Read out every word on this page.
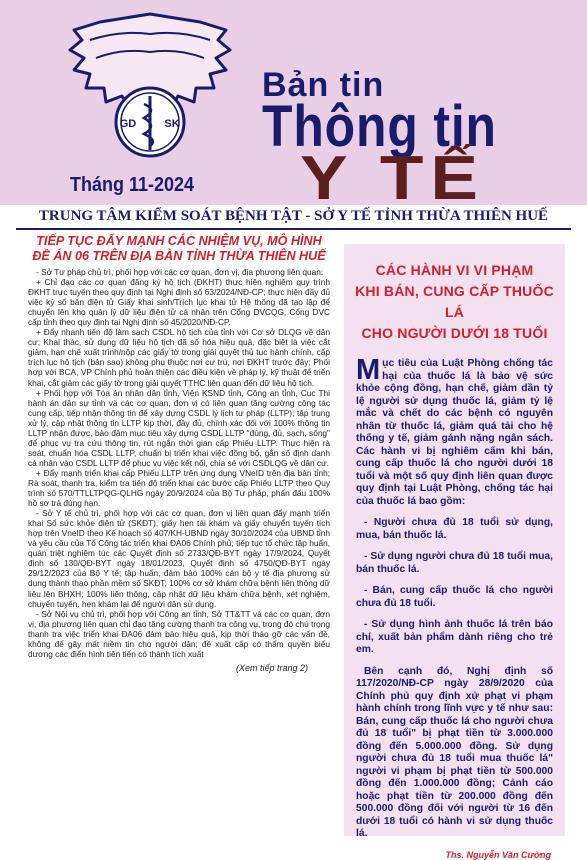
GD	SK
Bản tin
Thông tin
Y TẾ
Tháng 11-2024
TRUNG TÂM KIỂM SOÁT BỆNH TẬT - SỞ Y TẾ TỈNH THỪA THIÊN HUẾ
TIẾP TỤC ĐẨY MẠNH CÁC NHIỆM VỤ, MÔ HÌNH
ĐỀ ÁN 06 TRÊN ĐỊA BÀN TỈNH THỪA THIÊN HUẾ

- Sở Tư pháp chủ trì, phối hợp với các cơ quan, đơn vị, địa phương liên quan:

+ Chỉ đạo các cơ quan đăng ký hộ tịch (ĐKHT) thực hiện nghiêm quy trình ĐKHT trực tuyến theo quy định tại Nghị định số 63/2024/NĐ-CP; thực hiện đầy đủ việc ký số bản điện tử Giấy khai sinh/Trích lục khai tử Hệ thống đã tạo lập để chuyển lên kho quản lý dữ liệu điện tử cá nhân trên Cổng DVCQG, Cổng DVC cấp tỉnh theo quy định tại Nghị định số 45/2020/NĐ-CP.

+ Đẩy nhanh tiến độ làm sạch CSDL hộ tịch của tỉnh với Cơ sở DLQG về dân cư; Khai thác, sử dụng dữ liệu hộ tịch đã số hóa hiệu quả, đặc biệt là việc cắt giảm, hạn chế xuất trình/nộp các giấy tờ trong giải quyết thủ tục hành chính, cấp trích lục hộ tịch (bản sao) không phụ thuộc nơi cư trú, nơi ĐKHT trước đây; Phối hợp với BCA, VP Chính phủ hoàn thiện các điều kiện về pháp lý, kỹ thuật để triển khai, cắt giảm các giấy tờ trong giải quyết TTHC liên quan đến dữ liệu hộ tịch.

+ Phối hợp với Tòa án nhân dân tỉnh, Viện KSND tỉnh, Công an tỉnh, Cục Thi hành án dân sự tỉnh và các cơ quan, đơn vị có liên quan tăng cường công tác cung cấp, tiếp nhận thông tin để xây dựng CSDL lý lịch tư pháp (LLTP); tập trung xử lý, cập nhật thông tin LLTP kịp thời, đầy đủ, chính xác đối với 100% thông tin LLTP nhận được, bảo đảm mục tiêu xây dựng CSDL LLTP "đúng, đủ, sạch, sống" để phục vụ tra cứu thông tin, rút ngắn thời gian cấp Phiếu LLTP. Thực hiện rà soát, chuẩn hóa CSDL LLTP, chuẩn bị triển khai việc đồng bộ, gắn số định danh cá nhân vào CSDL LLTP để phục vụ việc kết nối, chia sẻ với CSDLQG về dân cư.

+ Đẩy mạnh triển khai cấp Phiếu LLTP trên ứng dụng VNeID trên địa bàn tỉnh; Rà soát, thanh tra, kiểm tra tiến độ triển khai các bước cấp Phiếu LLTP theo Quy trình số 570/TTLLTPQG-QLHG ngày 20/9/2024 của Bộ Tư pháp, phấn đấu 100% hồ sơ trả đúng hạn.

- Sở Y tế chủ trì, phối hợp với các cơ quan, đơn vị liên quan đẩy mạnh triển khai Sổ sức khỏe điện tử (SKĐT), giấy hẹn tái khám và giấy chuyển tuyến tích hợp trên VneID theo Kế hoạch số 407/KH-UBND ngày 30/10/2024 của UBND tỉnh và yêu cầu của Tổ Công tác triển khai ĐA06 Chính phủ; tiếp tục tổ chức tập huấn, quán triệt nghiêm túc các Quyết định số 2733/QĐ-BYT ngày 17/9/2024, Quyết định số 130/QĐ-BYT ngày 18/01/2023, Quyết định số 4750/QĐ-BYT ngày 29/12/2023 của Bộ Y tế; tập huấn, đảm bảo 100% cán bộ y tế địa phương sử dụng thành thạo phần mềm số SKĐT; 100% cơ sở khám chữa bệnh liên thông dữ liệu lên BHXH; 100% liên thông, cập nhật dữ liệu khám chữa bệnh, xét nghiệm, chuyển tuyến, hẹn khám lại để người dân sử dụng.

- Sở Nội vụ chủ trì, phối hợp với Công an tỉnh, Sở TT&TT và các cơ quan, đơn vị, địa phương liên quan chỉ đạo tăng cường thanh tra công vụ, trong đó chú trọng thanh tra việc triển khai ĐA06 đảm bảo hiệu quả, kịp thời tháo gỡ các vấn đề, không để gây mất niềm tin cho người dân; đề xuất cấp có thẩm quyền biểu dương các điển hình tiên tiến có thành tích xuất

(Xem tiếp trang 2)
CÁC HÀNH VI VI PHẠM
KHI BÁN, CUNG CẤP THUỐC LÁ
CHO NGƯỜI DƯỚI 18 TUỔI

Mục tiêu của Luật Phòng chống tác hại của thuốc lá là bảo vệ sức khỏe cộng đồng, hạn chế, giảm dần tỷ lệ người sử dụng thuốc lá, giảm tỷ lệ mắc và chết do các bệnh có nguyên nhân từ thuốc lá, giảm quá tải cho hệ thống y tế, giảm gánh nặng ngân sách. Các hành vi bị nghiêm cấm khi bán, cung cấp thuốc lá cho người dưới 18 tuổi và một số quy định liên quan được quy định tại Luật Phòng, chống tác hại của thuốc lá bao gồm:

- Người chưa đủ 18 tuổi sử dụng, mua, bán thuốc lá.

- Sử dụng người chưa đủ 18 tuổi mua, bán thuốc lá.

- Bán, cung cấp thuốc lá cho người chưa đủ 18 tuổi.

- Sử dụng hình ảnh thuốc lá trên báo chí, xuất bản phẩm dành riêng cho trẻ em.

Bên cạnh đó, Nghị định số 117/2020/NĐ-CP ngày 28/9/2020 của Chính phủ quy định xử phạt vi phạm hành chính trong lĩnh vực y tế như sau: Bán, cung cấp thuốc lá cho người chưa đủ 18 tuổi" bị phạt tiền từ 3.000.000 đồng đến 5.000.000 đồng. Sử dụng người chưa đủ 18 tuổi mua thuốc lá" người vi phạm bị phạt tiền từ 500.000 đồng đến 1.000.000 đồng; Cảnh cáo hoặc phạt tiền từ 200.000 đồng đến 500.000 đồng đối với người từ 16 đến dưới 18 tuổi có hành vi sử dụng thuốc lá.

Ths. Nguyễn Văn Cường
